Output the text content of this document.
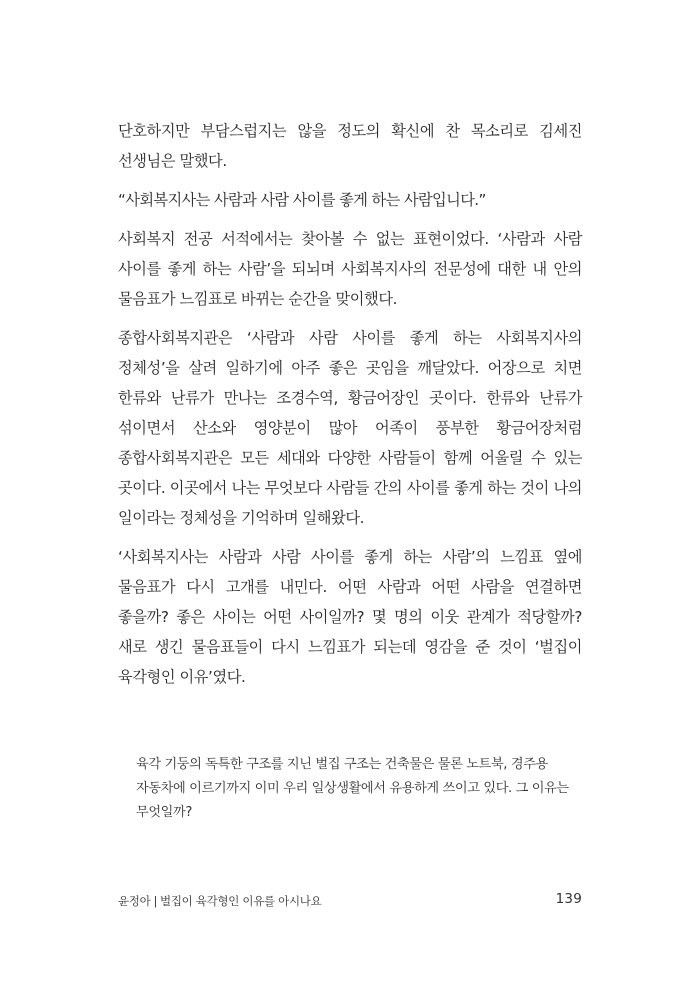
단호하지만 부담스럽지는 않을 정도의 확신에 찬 목소리로 김세진 선생님은 말했다.

“사회복지사는 사람과 사람 사이를 좋게 하는 사람입니다.”

사회복지 전공 서적에서는 찾아볼 수 없는 표현이었다. ‘사람과 사람 사이를 좋게 하는 사람’을 되뇌며 사회복지사의 전문성에 대한 내 안의 물음표가 느낌표로 바뀌는 순간을 맞이했다.

종합사회복지관은 ‘사람과 사람 사이를 좋게 하는 사회복지사의 정체성’을 살려 일하기에 아주 좋은 곳임을 깨달았다. 어장으로 치면 한류와 난류가 만나는 조경수역, 황금어장인 곳이다. 한류와 난류가 섞이면서 산소와 영양분이 많아 어족이 풍부한 황금어장처럼 종합사회복지관은 모든 세대와 다양한 사람들이 함께 어울릴 수 있는 곳이다. 이곳에서 나는 무엇보다 사람들 간의 사이를 좋게 하는 것이 나의 일이라는 정체성을 기억하며 일해왔다.

‘사회복지사는 사람과 사람 사이를 좋게 하는 사람’의 느낌표 옆에 물음표가 다시 고개를 내민다. 어떤 사람과 어떤 사람을 연결하면 좋을까? 좋은 사이는 어떤 사이일까? 몇 명의 이웃 관계가 적당할까? 새로 생긴 물음표들이 다시 느낌표가 되는데 영감을 준 것이 ‘벌집이 육각형인 이유’였다.

육각 기둥의 독특한 구조를 지닌 벌집 구조는 건축물은 물론 노트북, 경주용 자동차에 이르기까지 이미 우리 일상생활에서 유용하게 쓰이고 있다. 그 이유는 무엇일까?

윤정아 | 벌집이 육각형인 이유를 아시나요	139
